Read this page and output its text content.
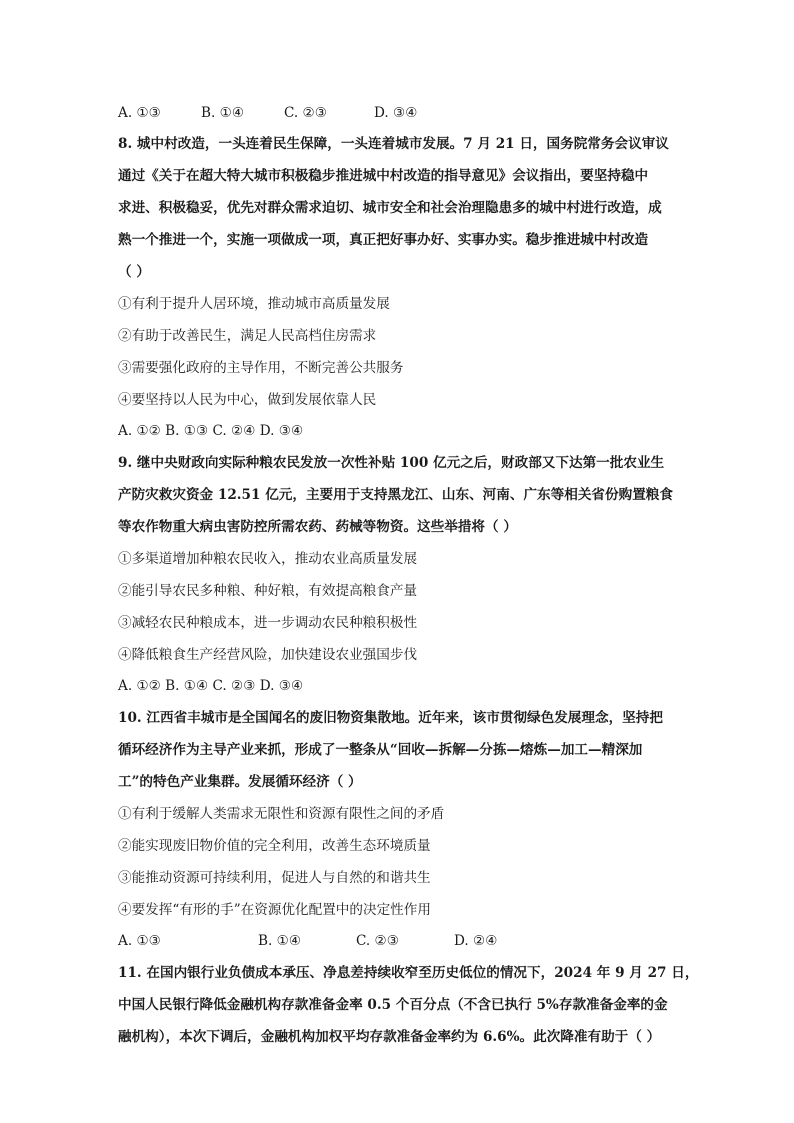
A. ①③	B. ①④	C. ②③	D. ③④
8. 城中村改造，一头连着民生保障，一头连着城市发展。7 月 21 日，国务院常务会议审议
通过《关于在超大特大城市积极稳步推进城中村改造的指导意见》会议指出，要坚持稳中
求进、积极稳妥，优先对群众需求迫切、城市安全和社会治理隐患多的城中村进行改造，成
熟一个推进一个，实施一项做成一项，真正把好事办好、实事办实。稳步推进城中村改造
（ ）
①有利于提升人居环境，推动城市高质量发展
②有助于改善民生，满足人民高档住房需求
③需要强化政府的主导作用，不断完善公共服务
④要坚持以人民为中心，做到发展依靠人民
A. ①② B. ①③ C. ②④ D. ③④
9. 继中央财政向实际种粮农民发放一次性补贴 100 亿元之后，财政部又下达第一批农业生
产防灾救灾资金 12.51 亿元，主要用于支持黑龙江、山东、河南、广东等相关省份购置粮食
等农作物重大病虫害防控所需农药、药械等物资。这些举措将（ ）
①多渠道增加种粮农民收入，推动农业高质量发展
②能引导农民多种粮、种好粮，有效提高粮食产量
③减轻农民种粮成本，进一步调动农民种粮积极性
④降低粮食生产经营风险，加快建设农业强国步伐
A. ①② B. ①④ C. ②③ D. ③④
10. 江西省丰城市是全国闻名的废旧物资集散地。近年来，该市贯彻绿色发展理念，坚持把
循环经济作为主导产业来抓，形成了一整条从“回收—拆解—分拣—熔炼—加工—精深加
工”的特色产业集群。发展循环经济（ ）
①有利于缓解人类需求无限性和资源有限性之间的矛盾
②能实现废旧物价值的完全利用，改善生态环境质量
③能推动资源可持续利用，促进人与自然的和谐共生
④要发挥“有形的手”在资源优化配置中的决定性作用
A. ①③	B. ①④	C. ②③	D. ②④
11. 在国内银行业负债成本承压、净息差持续收窄至历史低位的情况下，2024 年 9 月 27 日，
中国人民银行降低金融机构存款准备金率 0.5 个百分点（不含已执行 5%存款准备金率的金
融机构），本次下调后，金融机构加权平均存款准备金率约为 6.6%。此次降准有助于（ ）
